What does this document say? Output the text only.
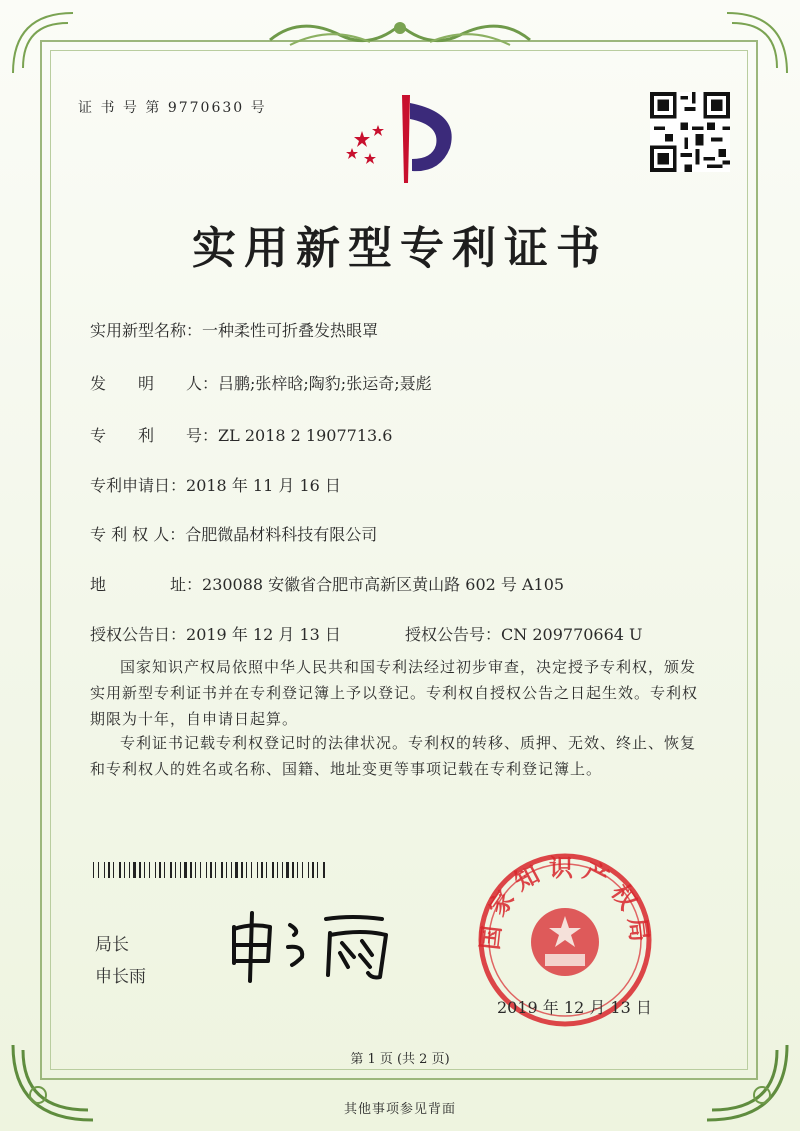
证 书 号 第 9770630 号
实用新型专利证书
实用新型名称：一种柔性可折叠发热眼罩
发　　明　　人：吕鹏;张梓晗;陶豹;张运奇;聂彪
专　　利　　号：ZL 2018 2 1907713.6
专利申请日：2018 年 11 月 16 日
专 利 权 人：合肥微晶材料科技有限公司
地　　　　址：230088 安徽省合肥市高新区黄山路 602 号 A105
授权公告日：2019 年 12 月 13 日	授权公告号：CN 209770664 U
国家知识产权局依照中华人民共和国专利法经过初步审查，决定授予专利权，颁发实用新型专利证书并在专利登记簿上予以登记。专利权自授权公告之日起生效。专利权期限为十年，自申请日起算。
专利证书记载专利权登记时的法律状况。专利权的转移、质押、无效、终止、恢复和专利权人的姓名或名称、国籍、地址变更等事项记载在专利登记簿上。
局长
申长雨
国家知识产权局
2019 年 12 月 13 日
第 1 页 (共 2 页)
其他事项参见背面
